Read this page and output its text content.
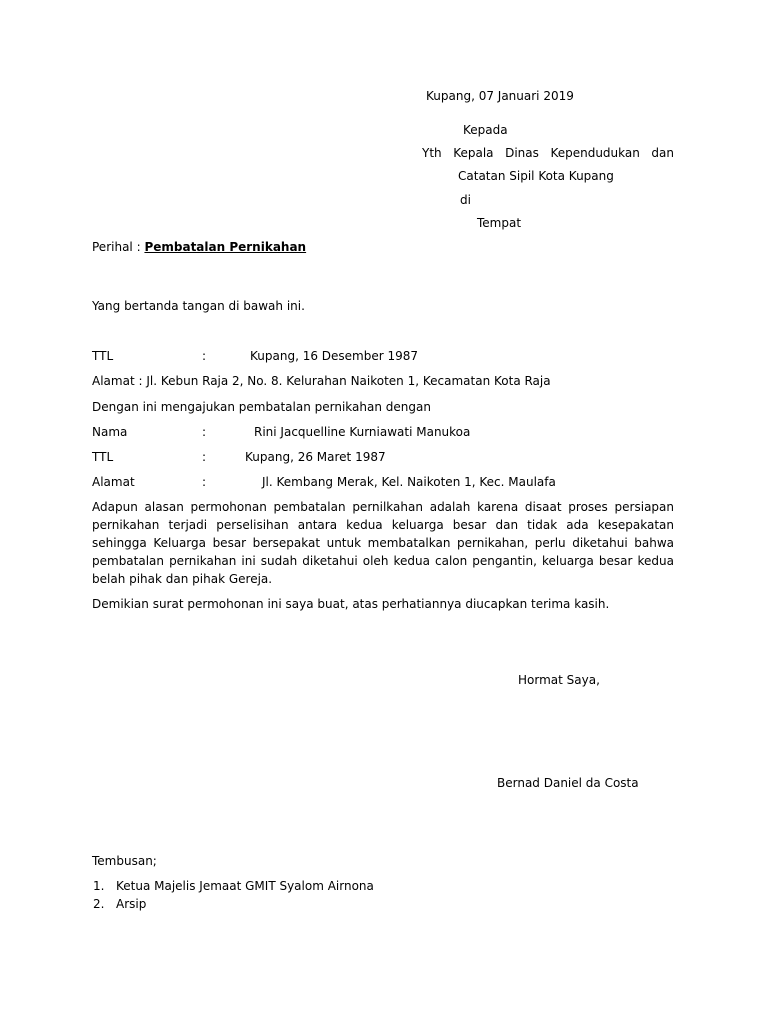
Kupang, 07 Januari 2019
Kepada
Yth Kepala Dinas Kependudukan dan
Catatan Sipil Kota Kupang
di
Tempat
Perihal : Pembatalan Pernikahan
Yang bertanda tangan di bawah ini.
TTL	:	Kupang, 16 Desember 1987
Alamat : Jl. Kebun Raja 2, No. 8. Kelurahan Naikoten 1, Kecamatan Kota Raja
Dengan ini mengajukan pembatalan pernikahan dengan
Nama	:	Rini Jacquelline Kurniawati Manukoa
TTL	:	Kupang, 26 Maret 1987
Alamat	:	Jl. Kembang Merak, Kel. Naikoten 1, Kec. Maulafa
Adapun alasan permohonan pembatalan pernilkahan adalah karena disaat proses persiapan pernikahan terjadi perselisihan antara kedua keluarga besar dan tidak ada kesepakatan sehingga Keluarga besar bersepakat untuk membatalkan pernikahan, perlu diketahui bahwa pembatalan pernikahan ini sudah diketahui oleh kedua calon pengantin, keluarga besar kedua belah pihak dan pihak Gereja.
Demikian surat permohonan ini saya buat, atas perhatiannya diucapkan terima kasih.
Hormat Saya,
Bernad Daniel da Costa
Tembusan;
1. Ketua Majelis Jemaat GMIT Syalom Airnona
2. Arsip
